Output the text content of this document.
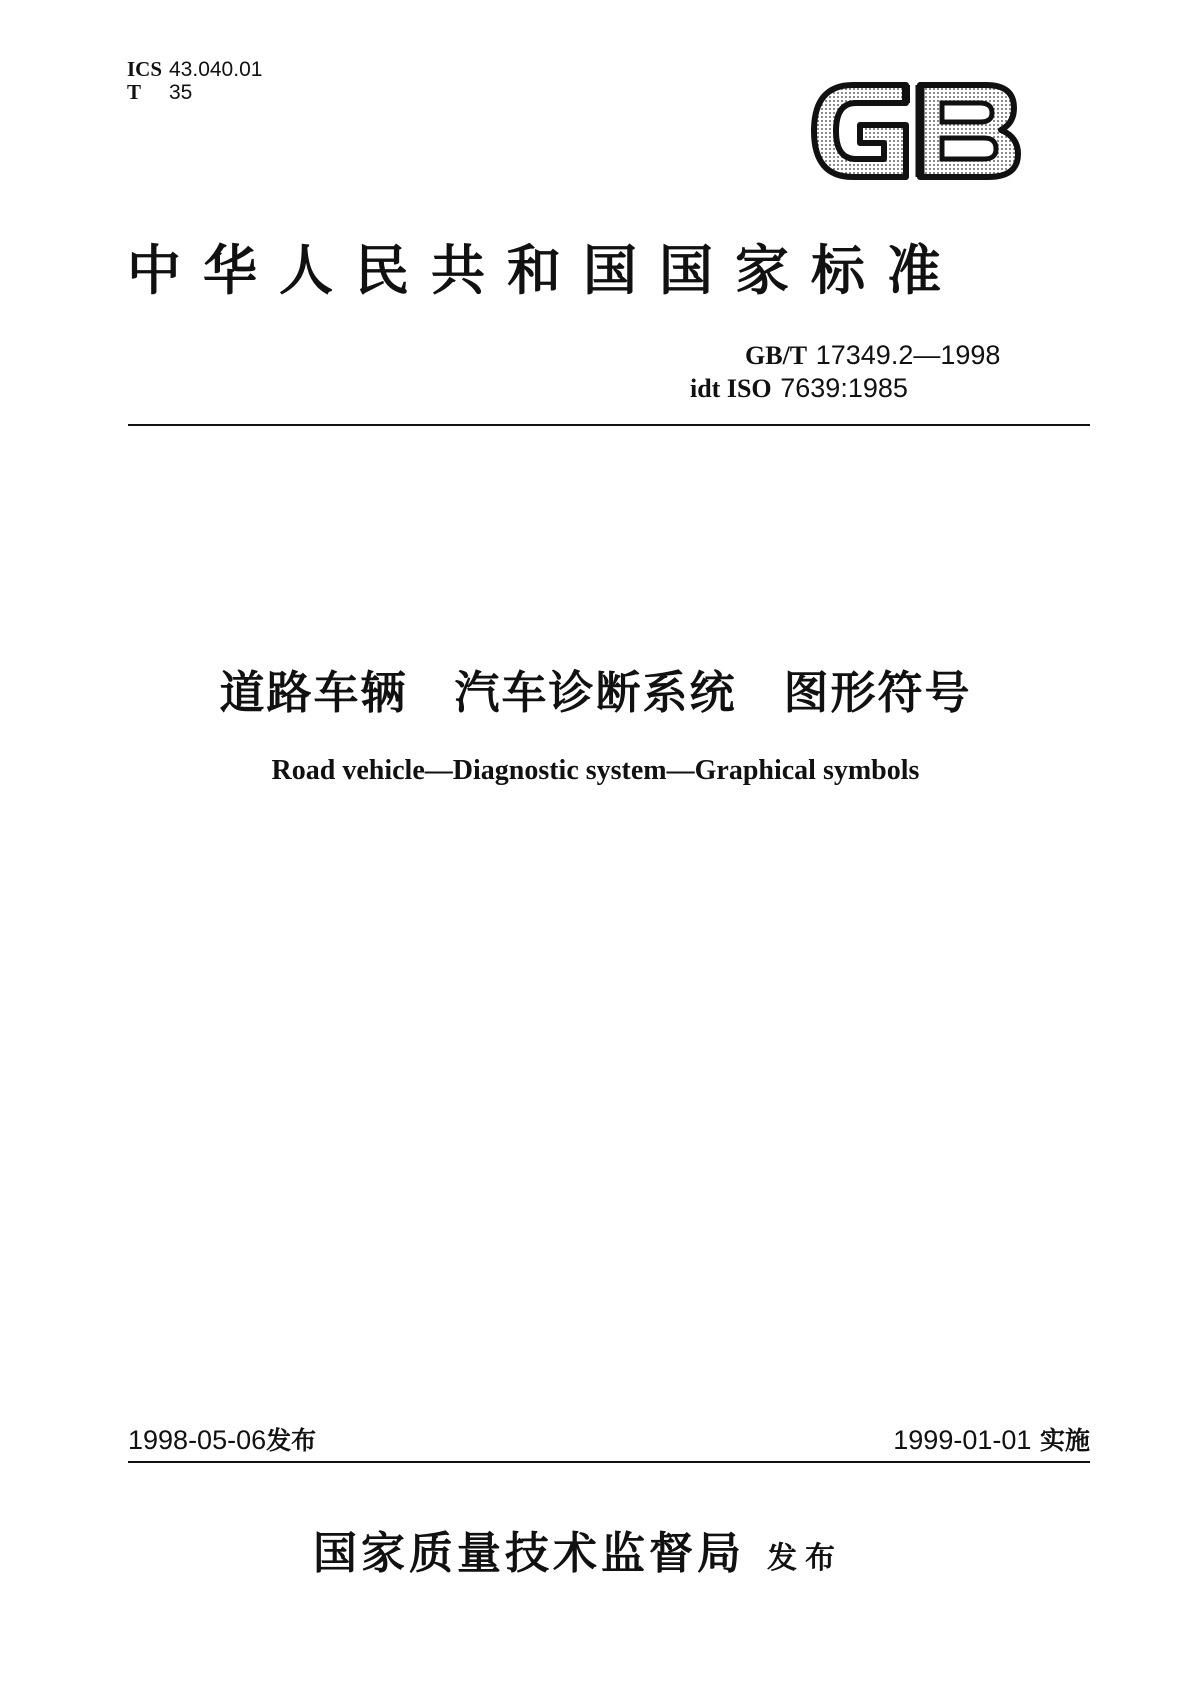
ICS 43.040.01
T 35
中华人民共和国国家标准
GB/T 17349.2—1998
idt ISO 7639:1985
道路车辆　汽车诊断系统　图形符号
Road vehicle—Diagnostic system—Graphical symbols
1998-05-06发布	1999-01-01 实施
国家质量技术监督局 发布
